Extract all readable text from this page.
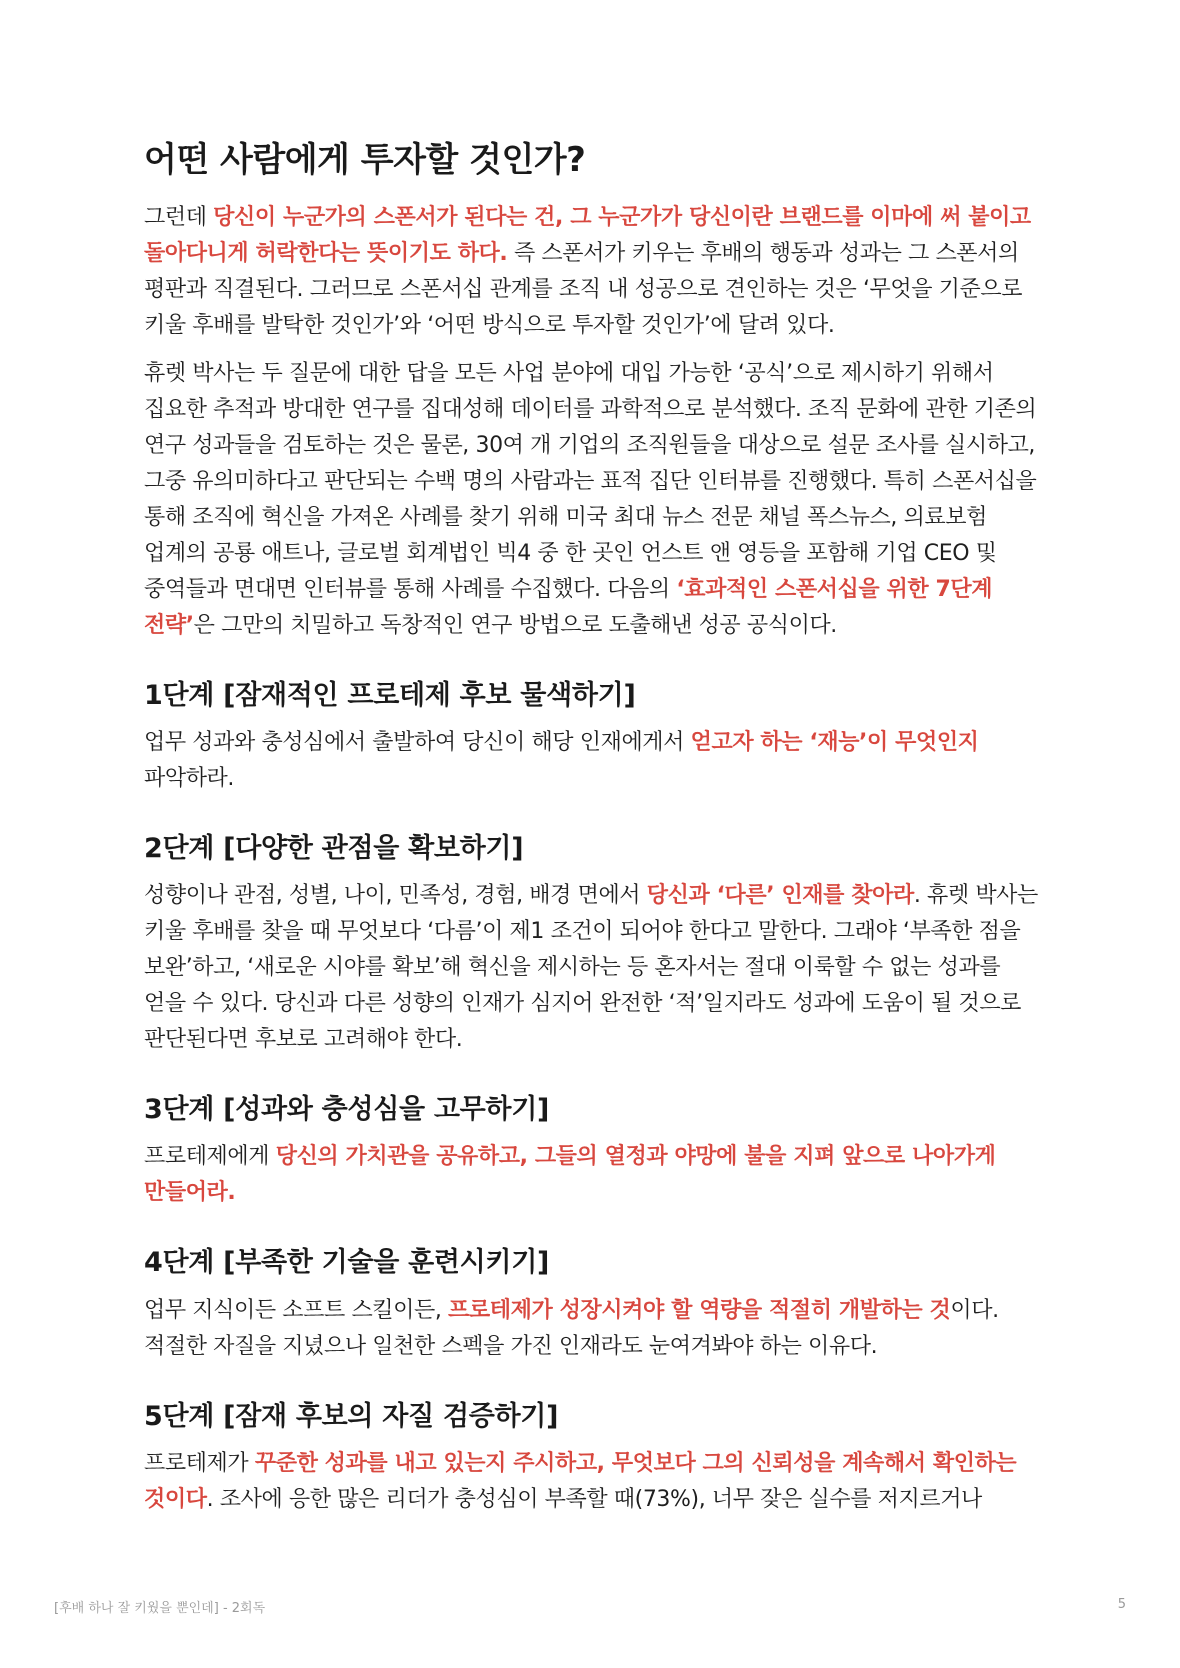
어떤 사람에게 투자할 것인가?

그런데 당신이 누군가의 스폰서가 된다는 건, 그 누군가가 당신이란 브랜드를 이마에 써 붙이고 돌아다니게 허락한다는 뜻이기도 하다. 즉 스폰서가 키우는 후배의 행동과 성과는 그 스폰서의 평판과 직결된다. 그러므로 스폰서십 관계를 조직 내 성공으로 견인하는 것은 ‘무엇을 기준으로 키울 후배를 발탁한 것인가’와 ‘어떤 방식으로 투자할 것인가’에 달려 있다.

휴렛 박사는 두 질문에 대한 답을 모든 사업 분야에 대입 가능한 ‘공식’으로 제시하기 위해서 집요한 추적과 방대한 연구를 집대성해 데이터를 과학적으로 분석했다. 조직 문화에 관한 기존의 연구 성과들을 검토하는 것은 물론, 30여 개 기업의 조직원들을 대상으로 설문 조사를 실시하고, 그중 유의미하다고 판단되는 수백 명의 사람과는 표적 집단 인터뷰를 진행했다. 특히 스폰서십을 통해 조직에 혁신을 가져온 사례를 찾기 위해 미국 최대 뉴스 전문 채널 폭스뉴스, 의료보험 업계의 공룡 애트나, 글로벌 회계법인 빅4 중 한 곳인 언스트 앤 영등을 포함해 기업 CEO 및 중역들과 면대면 인터뷰를 통해 사례를 수집했다. 다음의 ‘효과적인 스폰서십을 위한 7단계 전략’은 그만의 치밀하고 독창적인 연구 방법으로 도출해낸 성공 공식이다.

1단계 [잠재적인 프로테제 후보 물색하기]

업무 성과와 충성심에서 출발하여 당신이 해당 인재에게서 얻고자 하는 ‘재능’이 무엇인지 파악하라.

2단계 [다양한 관점을 확보하기]

성향이나 관점, 성별, 나이, 민족성, 경험, 배경 면에서 당신과 ‘다른’ 인재를 찾아라. 휴렛 박사는 키울 후배를 찾을 때 무엇보다 ‘다름’이 제1 조건이 되어야 한다고 말한다. 그래야 ‘부족한 점을 보완’하고, ‘새로운 시야를 확보’해 혁신을 제시하는 등 혼자서는 절대 이룩할 수 없는 성과를 얻을 수 있다. 당신과 다른 성향의 인재가 심지어 완전한 ‘적’일지라도 성과에 도움이 될 것으로 판단된다면 후보로 고려해야 한다.

3단계 [성과와 충성심을 고무하기]

프로테제에게 당신의 가치관을 공유하고, 그들의 열정과 야망에 불을 지펴 앞으로 나아가게 만들어라.

4단계 [부족한 기술을 훈련시키기]

업무 지식이든 소프트 스킬이든, 프로테제가 성장시켜야 할 역량을 적절히 개발하는 것이다. 적절한 자질을 지녔으나 일천한 스펙을 가진 인재라도 눈여겨봐야 하는 이유다.

5단계 [잠재 후보의 자질 검증하기]

프로테제가 꾸준한 성과를 내고 있는지 주시하고, 무엇보다 그의 신뢰성을 계속해서 확인하는 것이다. 조사에 응한 많은 리더가 충성심이 부족할 때(73%), 너무 잦은 실수를 저지르거나

[후배 하나 잘 키웠을 뿐인데] - 2회독	5
